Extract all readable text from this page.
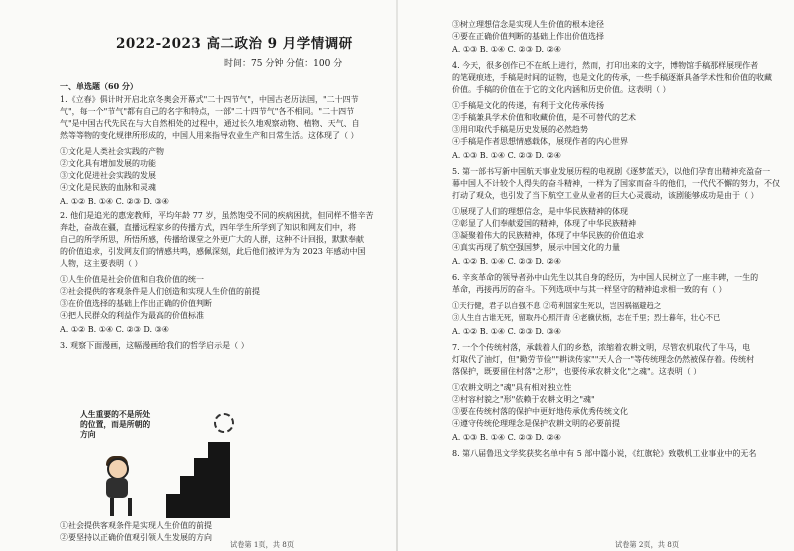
2022-2023 高二政治 9 月学情调研
时间：75 分钟 分值：100 分
一、单选题（60 分）
1.《立春》俱计时开启北京冬奥会开幕式"二十四节气"，中国古老历法国，"二十四节
气"，每一个"节气"都有自己的名字和特点，一部"二十四节气"各不相同。"二十四节
气"是中国古代先民在与大自然相处的过程中，通过长久地观察动物、植物、天气、自
然等等物的变化规律所形成的，中国人用来指导农业生产和日常生活。这体现了（ ）
①文化是人类社会实践的产物
②文化具有增加发展的功能
③文化促进社会实践的发展
④文化是民族的血脉和灵魂
A. ①② B. ①④ C. ②③ D. ③④
2. 他们是追光的惠宠教师，平均年龄 77 岁，虽然饱受不同的疾病困扰，但同样不惜辛苦
奔赴，奋战在疆，直播远程家乡的传播方式，四年学生所学到了知识和网友们中，将
自己的所学所思，所悟所感，传播给课堂之外更广大的人群，这种不计回报，默默奉献
的价值追求，引发网友们的情感共鸣，感佩深刻，此后他们被评为为 2023 年感动中国
人物，这主要表明（ ）
①人生价值是社会价值和自我价值的统一
②社会提供的客观条件是人们创造和实现人生价值的前提
③在价值选择的基础上作出正确的价值判断
④把人民群众的利益作为最高的价值标准
A. ①② B. ①④ C. ②③ D. ③④
3. 观察下面漫画，这幅漫画给我们的哲学启示是（ ）
①社会提供客观条件是实现人生价值的前提
②要坚持以正确价值观引领人生发展的方向
人生重要的不是所处的位置，而是所朝的方向
③树立理想信念是实现人生价值的根本途径
④要在正确价值判断的基础上作出价值选择
A. ①③ B. ①④ C. ②③ D. ②④
4. 今天，很多创作已不在纸上进行，然而，打印出来的文字，博物馆手稿那样展现作者
的笔砚痕迹，手稿是时间的证物，也是文化的传承，一些手稿逐渐具备学术性和价值的收藏
价值。手稿的价值在于它的文化内涵和历史价值。这表明（ ）
①手稿是文化的传递，有利于文化传承传扬
②手稿兼具学术价值和收藏价值，是不可替代的艺术
③用印取代手稿是历史发展的必然趋势
④手稿是作者思想情感载体，展现作者的内心世界
A. ①③ B. ①④ C. ②③ D. ②④
5. 第一部书写新中国航天事业发展历程的电视剧《逐梦蓝天》，以他们孕育出精神充盈奋一
幕中国人不计较个人得失的奋斗精神，一样为了国家而奋斗的他们，一代代不懈的努力，不仅
打动了观众，也引发了当下航空工业从业者的巨大心灵震动，该剧能够成功是由于（ ）
①展现了人们的理想信念，是中华民族精神的体现
②彰显了人们奉献爱国的精神，体现了中华民族精神
③凝聚着伟大的民族精神，体现了中华民族的价值追求
④真实再现了航空强国梦，展示中国文化的力量
A. ①② B. ①④ C. ②③ D. ②④
6. 辛亥革命的领导者孙中山先生以其自身的经历，为中国人民树立了一座丰碑，一生的
革命，再接再厉的奋斗。下列选项中与其一样坚守的精神追求相一致的有（ ）
①天行健，君子以自强不息 ②苟利国家生死以，岂因祸福避趋之
③人生自古谁无死，留取丹心照汗青 ④老骥伏枥，志在千里；烈士暮年，壮心不已
A. ①② B. ①④ C. ②③ D. ③④
7. 一个个传统村落，承载着人们的乡愁，浓缩着农耕文明，尽管农机取代了牛马，电
灯取代了油灯，但"勤劳节俭""耕读传家""天人合一"等传统理念仍然被保存着。传统村
落保护，既要留住村落"之形"，也要传承农耕文化"之魂"。这表明（ ）
①农耕文明之"魂"具有相对独立性
②村容村貌之"形"依赖于农耕文明之"魂"
③要在传统村落的保护中更好地传承优秀传统文化
④遵守传统伦理理念是保护农耕文明的必要前提
A. ①③ B. ①④ C. ②③ D. ②④
8. 第八届鲁迅文学奖获奖名单中有 5 部中篇小说，《红旗轮》致敬机工业事业中的无名
试卷第 1页，共 8页	试卷第 2页，共 8页
